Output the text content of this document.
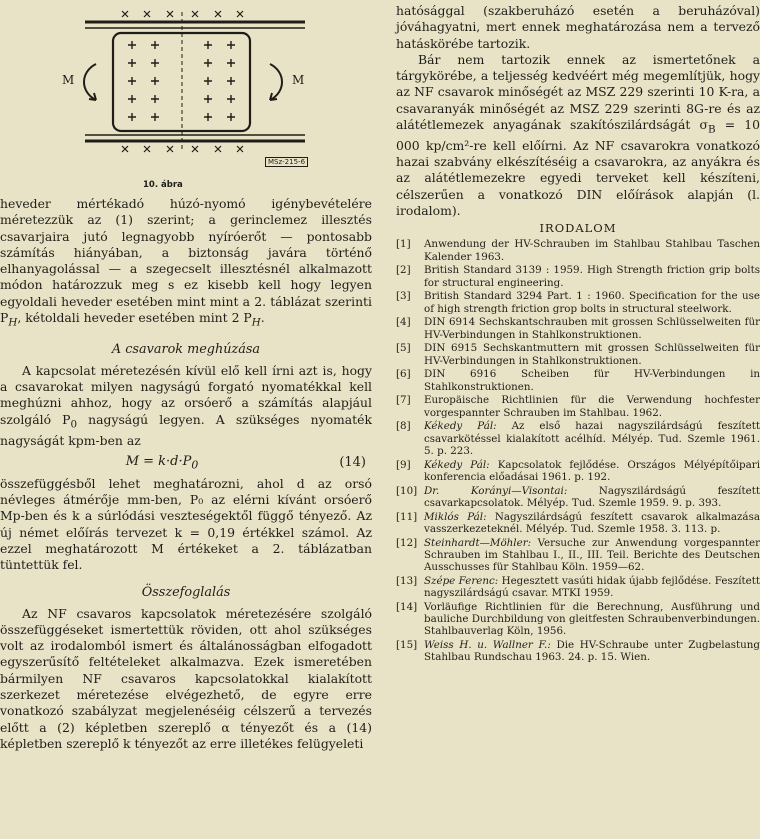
M	M
MSz-215-6
10. ábra

heveder mértékadó húzó-nyomó igénybevételére méretezzük az (1) szerint; a gerinclemez illesztés csavarjaira jutó legnagyobb nyíróerőt — pontosabb számítás hiányában, a biztonság javára történő elhanyagolással — a szegecselt illesztésnél alkalmazott módon határozzuk meg s ez kisebb kell hogy legyen egyoldali heveder esetében mint mint a 2. táblázat szerinti $P_H$, kétoldali heveder esetében mint 2 $P_H$.

A csavarok meghúzása

A kapcsolat méretezésén kívül elő kell írni azt is, hogy a csavarokat milyen nagyságú forgató nyomatékkal kell meghúzni ahhoz, hogy az orsóerő a számítás alapjául szolgáló $P_0$ nagyságú legyen. A szükséges nyomaték nagyságát kpm-ben az

$M = k\cdot d\cdot P_0$	(14)

összefüggésből lehet meghatározni, ahol d az orsó névleges átmérője mm-ben, P₀ az elérni kívánt orsóerő Mp-ben és k a súrlódási veszteségektől függő tényező. Az új német előírás tervezet k = 0,19 értékkel számol. Az ezzel meghatározott M értékeket a 2. táblázatban tüntettük fel.

Összefoglalás

Az NF csavaros kapcsolatok méretezésére szolgáló összefüggéseket ismertettük röviden, ott ahol szükséges volt az irodalomból ismert és általánosságban elfogadott egyszerűsítő feltételeket alkalmazva. Ezek ismeretében bármilyen NF csavaros kapcsolatokkal kialakított szerkezet méretezése elvégezhető, de egyre erre vonatkozó szabályzat megjelenéséig célszerű a tervezés előtt a (2) képletben szereplő α tényezőt és a (14) képletben szereplő k tényezőt az erre illetékes felügyeleti

hatósággal (szakberuházó esetén a beruházóval) jóváhagyatni, mert ennek meghatározása nem a tervező hatáskörébe tartozik.

Bár nem tartozik ennek az ismertetőnek a tárgykörébe, a teljesség kedvéért még megemlítjük, hogy az NF csavarok minőségét az MSZ 229 szerinti 10 K-ra, a csavaranyák minőségét az MSZ 229 szerinti 8G-re és az alátétlemezek anyagának szakítószilárdságát $\sigma_B = 10$ 000 kp/cm²-re kell előírni. Az NF csavarokra vonatkozó hazai szabvány elkészítéséig a csavarokra, az anyákra és az alátétlemezekre egyedi terveket kell készíteni, célszerűen a vonatkozó DIN előírások alapján (l. irodalom).

IRODALOM
[1]	Anwendung der HV-Schrauben im Stahlbau Stahlbau Taschen Kalender 1963.
[2]	British Standard 3139 : 1959. High Strength friction grip bolts for structural engineering.
[3]	British Standard 3294 Part. 1 : 1960. Specification for the use of high strength friction grop bolts in structural steelwork.
[4]	DIN 6914 Sechskantschrauben mit grossen Schlüsselweiten für HV-Verbindungen in Stahlkonstruktionen.
[5]	DIN 6915 Sechskantmuttern mit grossen Schlüsselweiten für HV-Verbindungen in Stahlkonstruktionen.
[6]	DIN 6916 Scheiben für HV-Verbindungen in Stahlkonstruktionen.
[7]	Europäische Richtlinien für die Verwendung hochfester vorgespannter Schrauben im Stahlbau. 1962.
[8]	Kékedy Pál: Az első hazai nagyszilárdságú feszített csavarkötéssel kialakított acélhíd. Mélyép. Tud. Szemle 1961. 5. p. 223.
[9]	Kékedy Pál: Kapcsolatok fejlődése. Országos Mélyépítőipari konferencia előadásai 1961. p. 192.
[10] Dr. Korányi—Visontai: Nagyszilárdságú feszített csavarkapcsolatok. Mélyép. Tud. Szemle 1959. 9. p. 393.
[11] Miklós Pál: Nagyszilárdságú feszített csavarok alkalmazása vasszerkezeteknél. Mélyép. Tud. Szemle 1958. 3. 113. p.
[12] Steinhardt—Möhler: Versuche zur Anwendung vorgespannter Schrauben im Stahlbau I., II., III. Teil. Berichte des Deutschen Ausschusses für Stahlbau Köln. 1959—62.
[13] Szépe Ferenc: Hegesztett vasúti hidak újabb fejlődése. Feszített nagyszilárdságú csavar. MTKI 1959.
[14] Vorläufige Richtlinien für die Berechnung, Ausführung und bauliche Durchbildung von gleitfesten Schraubenverbindungen. Stahlbauverlag Köln, 1956.
[15] Weiss H. u. Wallner F.: Die HV-Schraube unter Zugbelastung Stahlbau Rundschau 1963. 24. p. 15. Wien.
